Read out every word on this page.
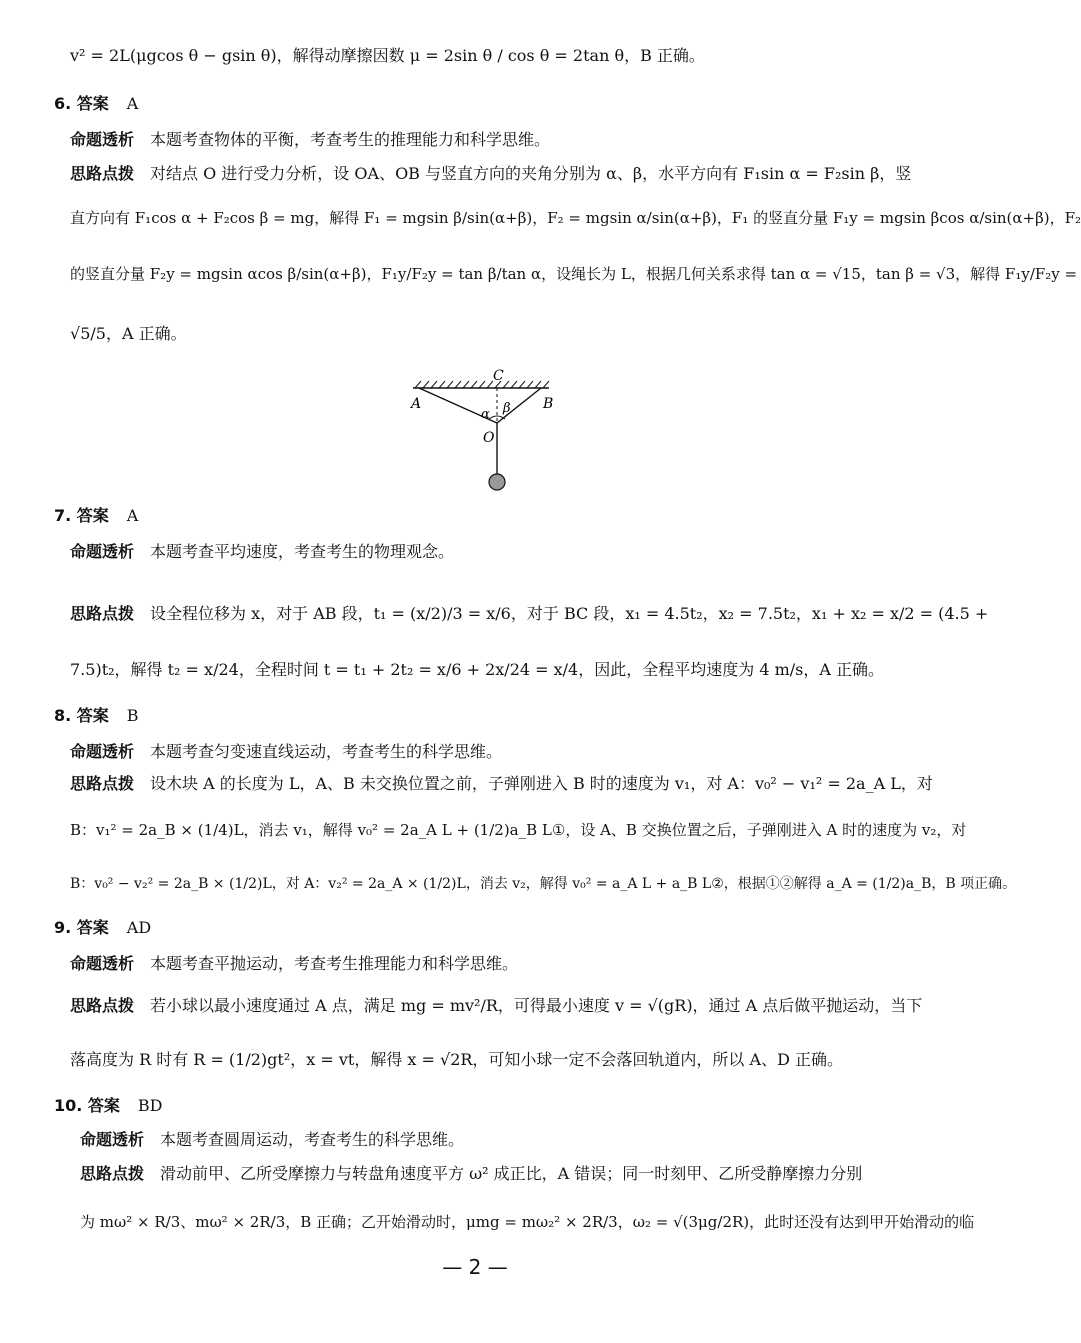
v² = 2L(μgcos θ − gsin θ)，解得动摩擦因数 μ = 2sin θ / cos θ = 2tan θ，B 正确。
6. 答案 A
命题透析 本题考查物体的平衡，考查考生的推理能力和科学思维。
思路点拨 对结点 O 进行受力分析，设 OA、OB 与竖直方向的夹角分别为 α、β，水平方向有 F₁sin α = F₂sin β，竖
直方向有 F₁cos α + F₂cos β = mg，解得 F₁ = mgsin β/sin(α+β)，F₂ = mgsin α/sin(α+β)，F₁ 的竖直分量 F₁y = mgsin βcos α/sin(α+β)，F₂
的竖直分量 F₂y = mgsin αcos β/sin(α+β)，F₁y/F₂y = tan β/tan α，设绳长为 L，根据几何关系求得 tan α = √15，tan β = √3，解得 F₁y/F₂y =
√5/5，A 正确。
C
A	B
O
α β
7. 答案 A
命题透析 本题考查平均速度，考查考生的物理观念。
思路点拨 设全程位移为 x，对于 AB 段，t₁ = (x/2)/3 = x/6，对于 BC 段，x₁ = 4.5t₂，x₂ = 7.5t₂，x₁ + x₂ = x/2 = (4.5 +
7.5)t₂，解得 t₂ = x/24，全程时间 t = t₁ + 2t₂ = x/6 + 2x/24 = x/4，因此，全程平均速度为 4 m/s，A 正确。
8. 答案 B
命题透析 本题考查匀变速直线运动，考查考生的科学思维。
思路点拨 设木块 A 的长度为 L，A、B 未交换位置之前，子弹刚进入 B 时的速度为 v₁，对 A：v₀² − v₁² = 2a_A L，对
B：v₁² = 2a_B × (1/4)L，消去 v₁，解得 v₀² = 2a_A L + (1/2)a_B L①，设 A、B 交换位置之后，子弹刚进入 A 时的速度为 v₂，对
B：v₀² − v₂² = 2a_B × (1/2)L，对 A：v₂² = 2a_A × (1/2)L，消去 v₂，解得 v₀² = a_A L + a_B L②，根据①②解得 a_A = (1/2)a_B，B 项正确。
9. 答案 AD
命题透析 本题考查平抛运动，考查考生推理能力和科学思维。
思路点拨 若小球以最小速度通过 A 点，满足 mg = mv²/R，可得最小速度 v = √(gR)，通过 A 点后做平抛运动，当下
落高度为 R 时有 R = (1/2)gt²，x = vt，解得 x = √2R，可知小球一定不会落回轨道内，所以 A、D 正确。
10. 答案 BD
命题透析 本题考查圆周运动，考查考生的科学思维。
思路点拨 滑动前甲、乙所受摩擦力与转盘角速度平方 ω² 成正比，A 错误；同一时刻甲、乙所受静摩擦力分别
为 mω² × R/3、mω² × 2R/3，B 正确；乙开始滑动时，μmg = mω₂² × 2R/3，ω₂ = √(3μg/2R)，此时还没有达到甲开始滑动的临
— 2 —
